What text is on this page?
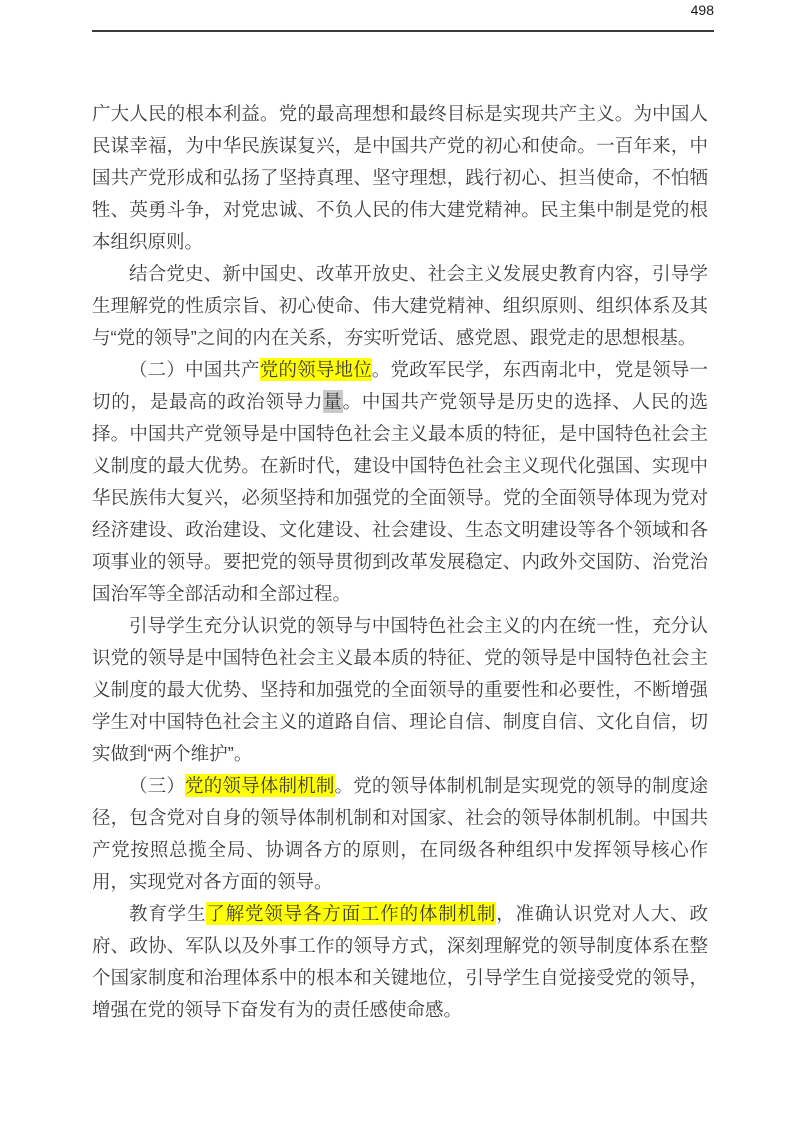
498

广大人民的根本利益。党的最高理想和最终目标是实现共产主义。为中国人民谋幸福，为中华民族谋复兴，是中国共产党的初心和使命。一百年来，中国共产党形成和弘扬了坚持真理、坚守理想，践行初心、担当使命，不怕牺牲、英勇斗争，对党忠诚、不负人民的伟大建党精神。民主集中制是党的根本组织原则。

结合党史、新中国史、改革开放史、社会主义发展史教育内容，引导学生理解党的性质宗旨、初心使命、伟大建党精神、组织原则、组织体系及其与“党的领导”之间的内在关系，夯实听党话、感党恩、跟党走的思想根基。

（二）中国共产党的领导地位。党政军民学，东西南北中，党是领导一切的，是最高的政治领导力量。中国共产党领导是历史的选择、人民的选择。中国共产党领导是中国特色社会主义最本质的特征，是中国特色社会主义制度的最大优势。在新时代，建设中国特色社会主义现代化强国、实现中华民族伟大复兴，必须坚持和加强党的全面领导。党的全面领导体现为党对经济建设、政治建设、文化建设、社会建设、生态文明建设等各个领域和各项事业的领导。要把党的领导贯彻到改革发展稳定、内政外交国防、治党治国治军等全部活动和全部过程。

引导学生充分认识党的领导与中国特色社会主义的内在统一性，充分认识党的领导是中国特色社会主义最本质的特征、党的领导是中国特色社会主义制度的最大优势、坚持和加强党的全面领导的重要性和必要性，不断增强学生对中国特色社会主义的道路自信、理论自信、制度自信、文化自信，切实做到“两个维护”。

（三）党的领导体制机制。党的领导体制机制是实现党的领导的制度途径，包含党对自身的领导体制机制和对国家、社会的领导体制机制。中国共产党按照总揽全局、协调各方的原则，在同级各种组织中发挥领导核心作用，实现党对各方面的领导。

教育学生了解党领导各方面工作的体制机制，准确认识党对人大、政府、政协、军队以及外事工作的领导方式，深刻理解党的领导制度体系在整个国家制度和治理体系中的根本和关键地位，引导学生自觉接受党的领导，增强在党的领导下奋发有为的责任感使命感。
